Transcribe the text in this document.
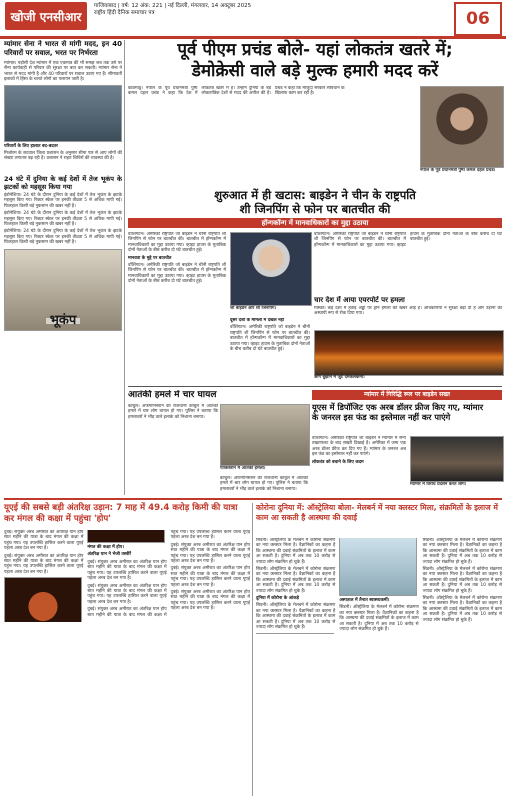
खोजी एनसीआर
गाजियाबाद | वर्ष: 12 अंक: 221 | नई दिल्ली, मंगलवार, 14 अक्टूबर 2025
राष्ट्रीय हिंदी दैनिक समाचार पत्र	06
म्यांमार सेना ने भारत से मांगी मदद, इन 40 परिवारों पर सवाल, भरत पर निर्भरता

म्यांमार। पड़ोसी देश म्यांमार में एक एकमात्र की भी समझ जब तक उसे पर सैन्य कार्यवाही से परिवार की सुरक्षा पर बात कर सकती। म्यांमार सेना ने भारत से मदद मांगी है और 40 परिवारों पर सवाल उठाए गए हैं। सीमावर्ती इलाकों में हिंसा के चलते लोगों का पलायन जारी है।

परिवारों के लिए हालात बद-बदतर

मिजोरम के सटवाल जिला प्रशासन के अनुसार सीमा पार से आए लोगों की संख्या लगातार बढ़ रही है। प्रशासन ने राहत शिविरों की व्यवस्था की है।

पूर्व पीएम प्रचंड बोले- यहां लोकतंत्र खतरे में;
डेमोक्रेसी वाले बड़े मुल्क हमारी मदद करें
काठमांडू। नेपाल के पूर्व प्रधानमंत्री पुष्प कमल दहल प्रचंड ने कहा कि देश में लोकतंत्र खतरे में है। उन्होंने दुनिया के बड़े लोकतांत्रिक देशों से मदद की अपील की है। प्रचंड ने कहा कि मौजूदा सरकार संविधान के खिलाफ काम कर रही है।
नेपाल के पूर्व प्रधानमंत्री पुष्प कमल दहल प्रचंड।
शुरुआत में ही खटास: बाइडेन ने चीन के राष्ट्रपति
शी जिनपिंग से फोन पर बातचीत की
हॉन्गकॉन्ग में मानवाधिकारों का मुद्दा उठाया

वॉशिंगटन। अमेरिकी राष्ट्रपति जो बाइडेन ने चीनी राष्ट्रपति शी जिनपिंग से फोन पर बातचीत की। बातचीत में हॉन्गकॉन्ग में मानवाधिकारों का मुद्दा उठाया गया। व्हाइट हाउस के मुताबिक दोनों नेताओं के बीच करीब दो घंटे बातचीत हुई।

मानवता के मुद्दे पर बातचीत

वॉशिंगटन। अमेरिकी राष्ट्रपति जो बाइडेन ने चीनी राष्ट्रपति शी जिनपिंग से फोन पर बातचीत की। बातचीत में हॉन्गकॉन्ग में मानवाधिकारों का मुद्दा उठाया गया। व्हाइट हाउस के मुताबिक दोनों नेताओं के बीच करीब दो घंटे बातचीत हुई।

जो बाइडेन और शी जिनपिंग।

दूसरे देशों के मामलों में दखल नहीं

वॉशिंगटन। अमेरिकी राष्ट्रपति जो बाइडेन ने चीनी राष्ट्रपति शी जिनपिंग से फोन पर बातचीत की। बातचीत में हॉन्गकॉन्ग में मानवाधिकारों का मुद्दा उठाया गया। व्हाइट हाउस के मुताबिक दोनों नेताओं के बीच करीब दो घंटे बातचीत हुई।

वॉशिंगटन। अमेरिकी राष्ट्रपति जो बाइडेन ने चीनी राष्ट्रपति शी जिनपिंग से फोन पर बातचीत की। बातचीत में हॉन्गकॉन्ग में मानवाधिकारों का मुद्दा उठाया गया। व्हाइट हाउस के मुताबिक दोनों नेताओं के बीच करीब दो घंटे बातचीत हुई।
चार देश में आया एयरपोर्ट पर हमला
मास्को। कई देशों में हवाई अड्डों पर ड्रोन हमलों की खबरें आई हैं। अधिकारियों ने सुरक्षा बढ़ा दी है और उड़ानों को अस्थायी रूप से रोक दिया गया।
आग बुझाने में जुटे दमकलकर्मी।
24 घंटे में दुनिया के कई देशों में तेज भूकंप के झटकों को महसूस किया गया

इंडोनेशिया। 24 घंटे के दौरान दुनिया के कई देशों में तेज भूकंप के झटके महसूस किए गए। रिक्टर स्केल पर इनकी तीव्रता 5 से अधिक मापी गई। फिलहाल किसी बड़े नुकसान की खबर नहीं है।

इंडोनेशिया। 24 घंटे के दौरान दुनिया के कई देशों में तेज भूकंप के झटके महसूस किए गए। रिक्टर स्केल पर इनकी तीव्रता 5 से अधिक मापी गई। फिलहाल किसी बड़े नुकसान की खबर नहीं है।

इंडोनेशिया। 24 घंटे के दौरान दुनिया के कई देशों में तेज भूकंप के झटके महसूस किए गए। रिक्टर स्केल पर इनकी तीव्रता 5 से अधिक मापी गई। फिलहाल किसी बड़े नुकसान की खबर नहीं है।

भूकंप
आतंकी हमले में चार घायल
काबुल। अफगानिस्तान की राजधानी काबुल में आतंकी हमले में चार लोग घायल हो गए। पुलिस ने बताया कि हमलावरों ने भीड़ वाले इलाके को निशाना बनाया।
पाकिस्तान में आतंकी हमला।
काबुल। अफगानिस्तान की राजधानी काबुल में आतंकी हमले में चार लोग घायल हो गए। पुलिस ने बताया कि हमलावरों ने भीड़ वाले इलाके को निशाना बनाया।
म्यांमार में गिरिद्धि रूल पर बाइडेन सख्त
यूएस में डिपॉजिट एक अरब डॉलर फ्रीज किए गए, म्यांमार
के जनरल इस फंड का इस्तेमाल नहीं कर पाएंगे

वॉशिंगटन। अमेरिकी राष्ट्रपति जो बाइडेन ने म्यांमार में सैन्य तख्तापलट के बाद सख्ती दिखाई है। अमेरिका में जमा एक अरब डॉलर फ्रीज कर दिए गए हैं। म्यांमार के जनरल अब इस फंड का इस्तेमाल नहीं कर पाएंगे।

लोकतंत्र को बचाने के लिए कदम

म्यांमार में विरोध प्रदर्शन करते लोग।
यूएई की सबसे बड़ी अंतरिक्ष उड़ान: 7 माह में 49.4 करोड़ किमी की यात्रा कर मंगल की कक्षा में पहुंचा 'होप'

दुबई। संयुक्त अरब अमीरात का अंतरिक्ष यान होप सात महीने की यात्रा के बाद मंगल की कक्षा में पहुंच गया। यह उपलब्धि हासिल करने वाला यूएई पहला अरब देश बन गया है।

दुबई। संयुक्त अरब अमीरात का अंतरिक्ष यान होप सात महीने की यात्रा के बाद मंगल की कक्षा में पहुंच गया। यह उपलब्धि हासिल करने वाला यूएई पहला अरब देश बन गया है।

मंगल की कक्षा में होप।

अंतरिक्ष यान ने भेजी तस्वीरें

दुबई। संयुक्त अरब अमीरात का अंतरिक्ष यान होप सात महीने की यात्रा के बाद मंगल की कक्षा में पहुंच गया। यह उपलब्धि हासिल करने वाला यूएई पहला अरब देश बन गया है।

दुबई। संयुक्त अरब अमीरात का अंतरिक्ष यान होप सात महीने की यात्रा के बाद मंगल की कक्षा में पहुंच गया। यह उपलब्धि हासिल करने वाला यूएई पहला अरब देश बन गया है।

दुबई। संयुक्त अरब अमीरात का अंतरिक्ष यान होप सात महीने की यात्रा के बाद मंगल की कक्षा में पहुंच गया। यह उपलब्धि हासिल करने वाला यूएई पहला अरब देश बन गया है।

दुबई। संयुक्त अरब अमीरात का अंतरिक्ष यान होप सात महीने की यात्रा के बाद मंगल की कक्षा में पहुंच गया। यह उपलब्धि हासिल करने वाला यूएई पहला अरब देश बन गया है।

दुबई। संयुक्त अरब अमीरात का अंतरिक्ष यान होप सात महीने की यात्रा के बाद मंगल की कक्षा में पहुंच गया। यह उपलब्धि हासिल करने वाला यूएई पहला अरब देश बन गया है।

दुबई। संयुक्त अरब अमीरात का अंतरिक्ष यान होप सात महीने की यात्रा के बाद मंगल की कक्षा में पहुंच गया। यह उपलब्धि हासिल करने वाला यूएई पहला अरब देश बन गया है।

कोरोना दुनिया में: ऑस्ट्रेलिया बोला- मेलबर्न में नया क्लस्टर मिला, संक्रमितों के इलाज में काम आ सकती है आस्थमा की दवाई

सिडनी। ऑस्ट्रेलिया के मेलबर्न में कोरोना संक्रमण का नया क्लस्टर मिला है। वैज्ञानिकों का कहना है कि आस्थमा की दवाई संक्रमितों के इलाज में काम आ सकती है। दुनिया में अब तक 10 करोड़ से ज्यादा लोग संक्रमित हो चुके हैं।

सिडनी। ऑस्ट्रेलिया के मेलबर्न में कोरोना संक्रमण का नया क्लस्टर मिला है। वैज्ञानिकों का कहना है कि आस्थमा की दवाई संक्रमितों के इलाज में काम आ सकती है। दुनिया में अब तक 10 करोड़ से ज्यादा लोग संक्रमित हो चुके हैं।

दुनिया में कोरोना के आंकड़े

सिडनी। ऑस्ट्रेलिया के मेलबर्न में कोरोना संक्रमण का नया क्लस्टर मिला है। वैज्ञानिकों का कहना है कि आस्थमा की दवाई संक्रमितों के इलाज में काम आ सकती है। दुनिया में अब तक 10 करोड़ से ज्यादा लोग संक्रमित हो चुके हैं।

अस्पताल में तैनात स्वास्थ्यकर्मी।

सिडनी। ऑस्ट्रेलिया के मेलबर्न में कोरोना संक्रमण का नया क्लस्टर मिला है। वैज्ञानिकों का कहना है कि आस्थमा की दवाई संक्रमितों के इलाज में काम आ सकती है। दुनिया में अब तक 10 करोड़ से ज्यादा लोग संक्रमित हो चुके हैं।

सिडनी। ऑस्ट्रेलिया के मेलबर्न में कोरोना संक्रमण का नया क्लस्टर मिला है। वैज्ञानिकों का कहना है कि आस्थमा की दवाई संक्रमितों के इलाज में काम आ सकती है। दुनिया में अब तक 10 करोड़ से ज्यादा लोग संक्रमित हो चुके हैं।

सिडनी। ऑस्ट्रेलिया के मेलबर्न में कोरोना संक्रमण का नया क्लस्टर मिला है। वैज्ञानिकों का कहना है कि आस्थमा की दवाई संक्रमितों के इलाज में काम आ सकती है। दुनिया में अब तक 10 करोड़ से ज्यादा लोग संक्रमित हो चुके हैं।

सिडनी। ऑस्ट्रेलिया के मेलबर्न में कोरोना संक्रमण का नया क्लस्टर मिला है। वैज्ञानिकों का कहना है कि आस्थमा की दवाई संक्रमितों के इलाज में काम आ सकती है। दुनिया में अब तक 10 करोड़ से ज्यादा लोग संक्रमित हो चुके हैं।
